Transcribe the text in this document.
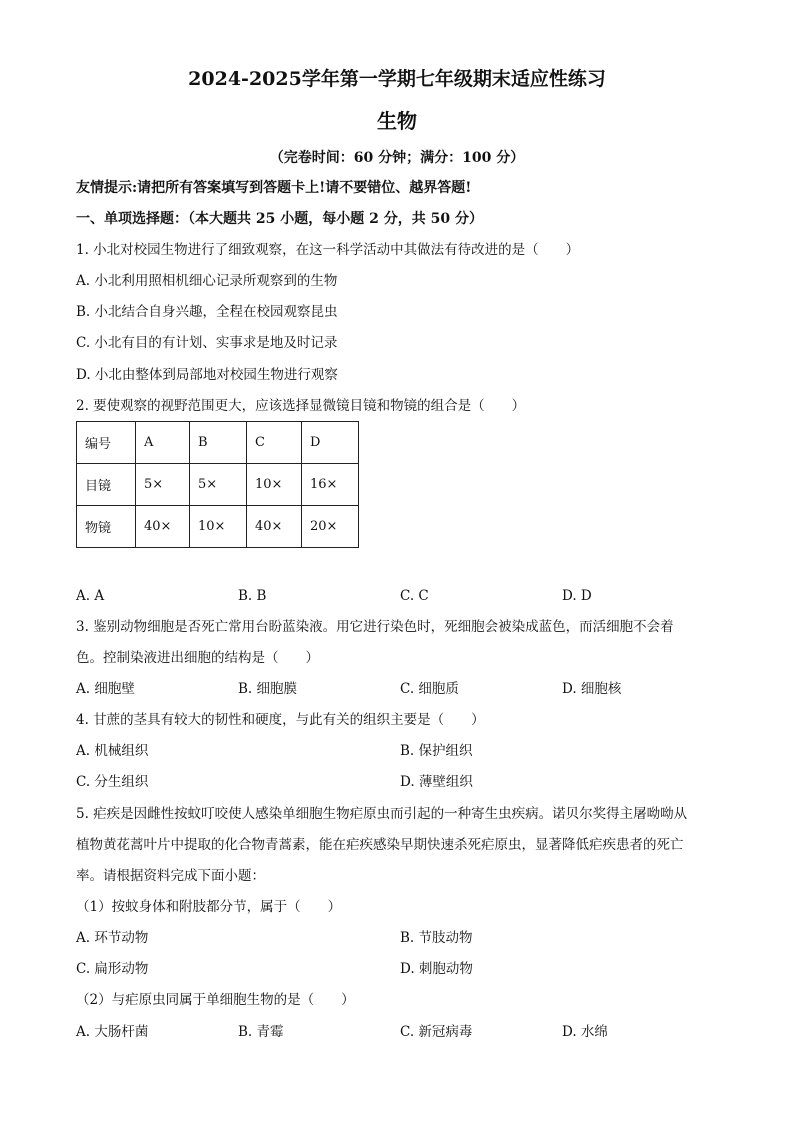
2024-2025学年第一学期七年级期末适应性练习
生物
（完卷时间：60 分钟；满分：100 分）
友情提示:请把所有答案填写到答题卡上!请不要错位、越界答题!
一、单项选择题：（本大题共 25 小题，每小题 2 分，共 50 分）
1. 小北对校园生物进行了细致观察，在这一科学活动中其做法有待改进的是（　　）
A. 小北利用照相机细心记录所观察到的生物
B. 小北结合自身兴趣，全程在校园观察昆虫
C. 小北有目的有计划、实事求是地及时记录
D. 小北由整体到局部地对校园生物进行观察
2. 要使观察的视野范围更大，应该选择显微镜目镜和物镜的组合是（　　）
编号	A	B	C	D
目镜	5×	5×	10×	16×
物镜	40×	10×	40×	20×
A. A	B. B	C. C	D. D
3. 鉴别动物细胞是否死亡常用台盼蓝染液。用它进行染色时，死细胞会被染成蓝色，而活细胞不会着
色。控制染液进出细胞的结构是（　　）
A. 细胞壁	B. 细胞膜	C. 细胞质	D. 细胞核
4. 甘蔗的茎具有较大的韧性和硬度，与此有关的组织主要是（　　）
A. 机械组织	B. 保护组织
C. 分生组织	D. 薄壁组织
5. 疟疾是因雌性按蚊叮咬使人感染单细胞生物疟原虫而引起的一种寄生虫疾病。诺贝尔奖得主屠呦呦从
植物黄花蒿叶片中提取的化合物青蒿素，能在疟疾感染早期快速杀死疟原虫，显著降低疟疾患者的死亡
率。请根据资料完成下面小题：
（1）按蚊身体和附肢都分节，属于（　　）
A. 环节动物	B. 节肢动物
C. 扁形动物	D. 刺胞动物
（2）与疟原虫同属于单细胞生物的是（　　）
A. 大肠杆菌	B. 青霉	C. 新冠病毒	D. 水绵
